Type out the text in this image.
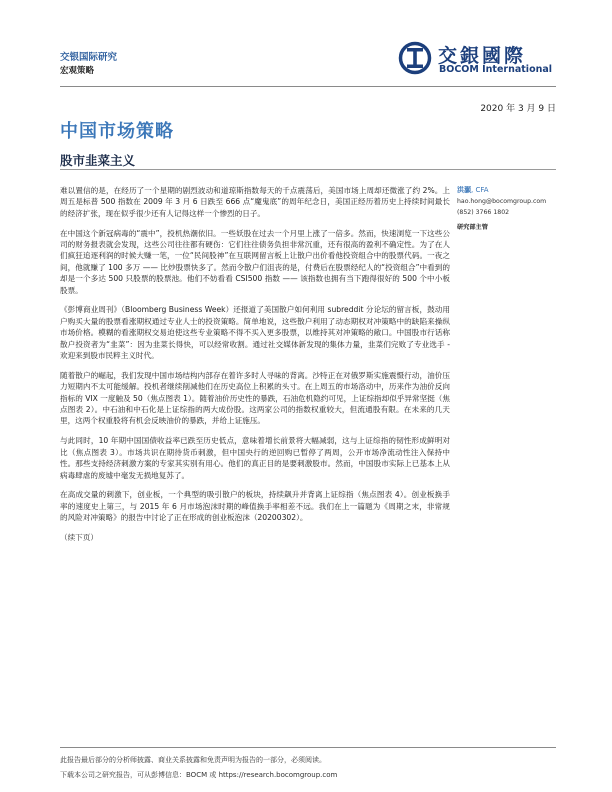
交银国际研究
宏观策略
交銀國際
BOCOM International
2020 年 3 月 9 日
中国市场策略
股市韭菜主义

难以置信的是，在经历了一个星期的剧烈波动和道琼斯指数每天的千点震荡后，美国市场上周却还微涨了约 2%。上周五是标普 500 指数在 2009 年 3 月 6 日跌至 666 点“魔鬼底”的周年纪念日，美国正经历着历史上持续时间最长的经济扩张，现在似乎很少还有人记得这样一个惨烈的日子。

在中国这个新冠病毒的“震中”，投机热潮依旧。一些妖股在过去一个月里上涨了一倍多。然而，快速浏览一下这些公司的财务报表就会发现，这些公司往往都有硬伤：它们往往债务负担非常沉重，还有很高的盈利不确定性。为了在人们疯狂追逐利润的时候大赚一笔，一位“民间股神”在互联网留言板上让散户出价看他投资组合中的股票代码。一夜之间，他就赚了 100 多万 —— 比炒股票快多了。然而令散户们沮丧的是，付费后在股票经纪人的“投资组合”中看到的却是一个多达 500 只股票的股票池。他们不妨看看 CSI500 指数 —— 该指数也拥有当下跑得很好的 500 个中小板股票。

《彭博商业周刊》（Bloomberg Business Week）还报道了美国散户如何利用 subreddit 分论坛的留言板，鼓动用户购买大量的股票看涨期权通过专业人士的投资策略。简单地说，这些散户利用了动态期权对冲策略中的缺陷来操纵市场价格。模糊的看涨期权交易迫使这些专业策略不得不买入更多股票，以维持其对冲策略的敞口。中国股市行话称散户投资者为“韭菜”：因为韭菜长得快，可以经常收割。通过社交媒体新发现的集体力量，韭菜们完败了专业选手 - 欢迎来到股市民粹主义时代。

随着散户的崛起，我们发现中国市场结构内部存在着许多时人寻味的背离。沙特正在对俄罗斯实施震慑行动，油价压力短期内不太可能缓解。投机者继续削减他们在历史高位上积累的头寸。在上周五的市场洛动中，历来作为油价反向指标的 VIX 一度触及 50（焦点图表 1）。随着油价历史性的暴跌，石油危机隐约可见，上证综指却似乎异常坚挺（焦点图表 2）。中石油和中石化是上证综指的两大成份股。这两家公司的指数权重较大，但流通股有限。在未来的几天里，这两个权重股将有机会反映油价的暴跌，并给上证施压。

与此同时，10 年期中国国债收益率已跌至历史低点，意味着增长前景将大幅减弱，这与上证综指的韧性形成鲜明对比（焦点图表 3）。市场共识在期待货币刺激，但中国央行的逆回购已暂停了两周，公开市场净流动性注入保持中性。那些支持经济刺激方案的专家其实别有用心。他们的真正目的是要刺激股市。然而，中国股市实际上已基本上从病毒肆虐的废墟中毫发无损地复苏了。

在高成交量的刺激下，创业板，一个典型的吸引散户的板块，持续飙升并背离上证综指（焦点图表 4）。创业板换手率的速度史上第三，与 2015 年 6 月市场泡沫时期的峰值换手率相差不远。我们在上一篇题为《周期之末，非常规的风险对冲策略》的报告中讨论了正在形成的创业板泡沫（20200302）。

（续下页）

洪灝, CFA
hao.hong@bocomgroup.com
(852) 3766 1802
研究部主管
此报告最后部分的分析师披露、商业关系披露和免责声明为报告的一部分，必须阅读。
下载本公司之研究报告，可从彭博信息：BOCM 或 https://research.bocomgroup.com
